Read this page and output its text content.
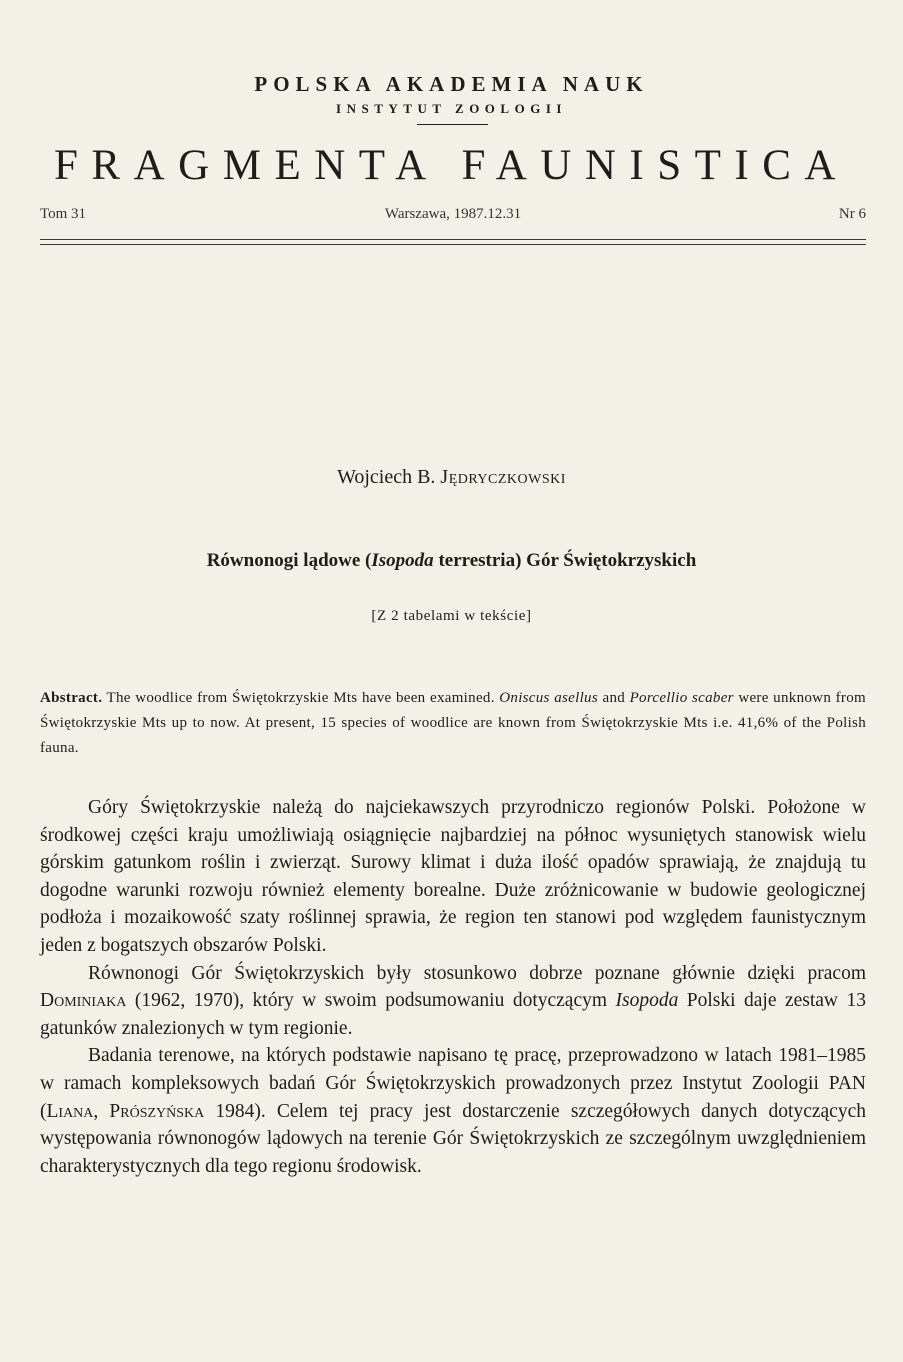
POLSKA AKADEMIA NAUK
INSTYTUT ZOOLOGII
FRAGMENTA FAUNISTICA
Tom 31	Warszawa, 1987.12.31	Nr 6
Wojciech B. Jędryczkowski
Równonogi lądowe (Isopoda terrestria) Gór Świętokrzyskich
[Z 2 tabelami w tekście]
Abstract. The woodlice from Świętokrzyskie Mts have been examined. Oniscus asellus and Porcellio scaber were unknown from Świętokrzyskie Mts up to now. At present, 15 species of woodlice are known from Świętokrzyskie Mts i.e. 41,6% of the Polish fauna.

Góry Świętokrzyskie należą do najciekawszych przyrodniczo regionów Polski. Położone w środkowej części kraju umożliwiają osiągnięcie najbardziej na północ wysuniętych stanowisk wielu górskim gatunkom roślin i zwierząt. Surowy klimat i duża ilość opadów sprawiają, że znajdują tu dogodne warunki rozwoju również elementy borealne. Duże zróżnicowanie w budowie geologicznej podłoża i mozaikowość szaty roślinnej sprawia, że region ten stanowi pod względem faunistycznym jeden z bogatszych obszarów Polski.

Równonogi Gór Świętokrzyskich były stosunkowo dobrze poznane głównie dzięki pracom Dominiaka (1962, 1970), który w swoim podsumowaniu dotyczącym Isopoda Polski daje zestaw 13 gatunków znalezionych w tym regionie.

Badania terenowe, na których podstawie napisano tę pracę, przeprowadzono w latach 1981–1985 w ramach kompleksowych badań Gór Świętokrzyskich prowadzonych przez Instytut Zoologii PAN (Liana, Prószyńska 1984). Celem tej pracy jest dostarczenie szczegółowych danych dotyczących występowania równonogów lądowych na terenie Gór Świętokrzyskich ze szczególnym uwzględnieniem charakterystycznych dla tego regionu środowisk.
